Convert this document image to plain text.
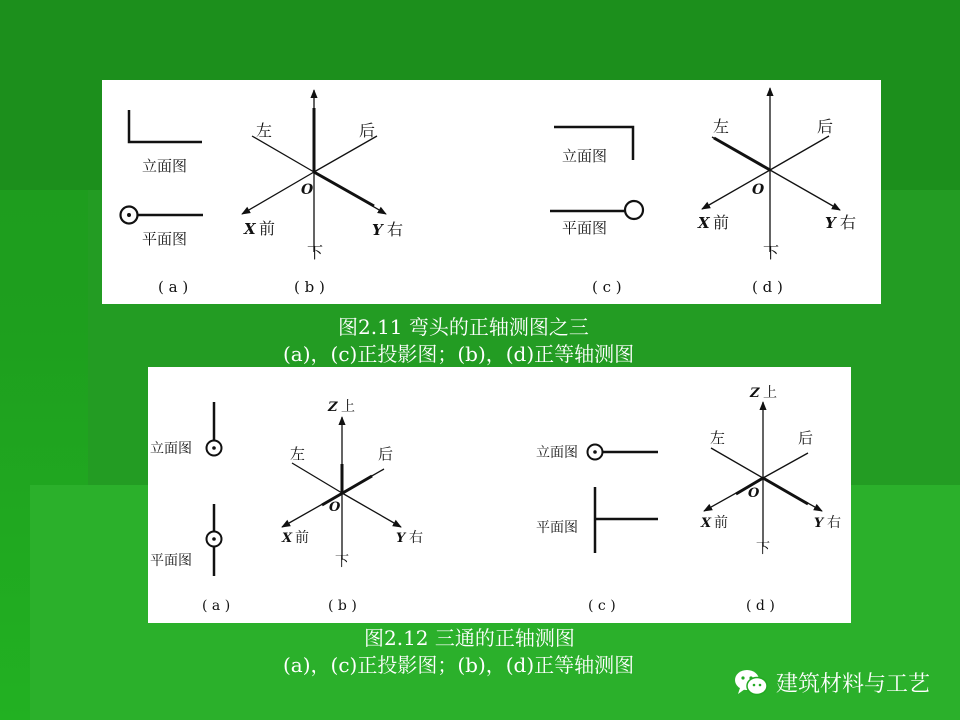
立面图
平面图
( a )
左	后
O
X 前	Y 右
下
( b )
立面图
平面图
( c )
左	后
O
X 前	Y 右
下
( d )
图2.11 弯头的正轴测图之三
(a)，(c)正投影图；(b)，(d)正等轴测图
立面图
平面图
( a )
Z 上
左	后
O
X 前	Y 右
下
( b )
立面图
平面图
( c )
Z 上
左	后
O
X 前	Y 右
下
( d )
图2.12 三通的正轴测图
(a)，(c)正投影图；(b)，(d)正等轴测图
建筑材料与工艺
